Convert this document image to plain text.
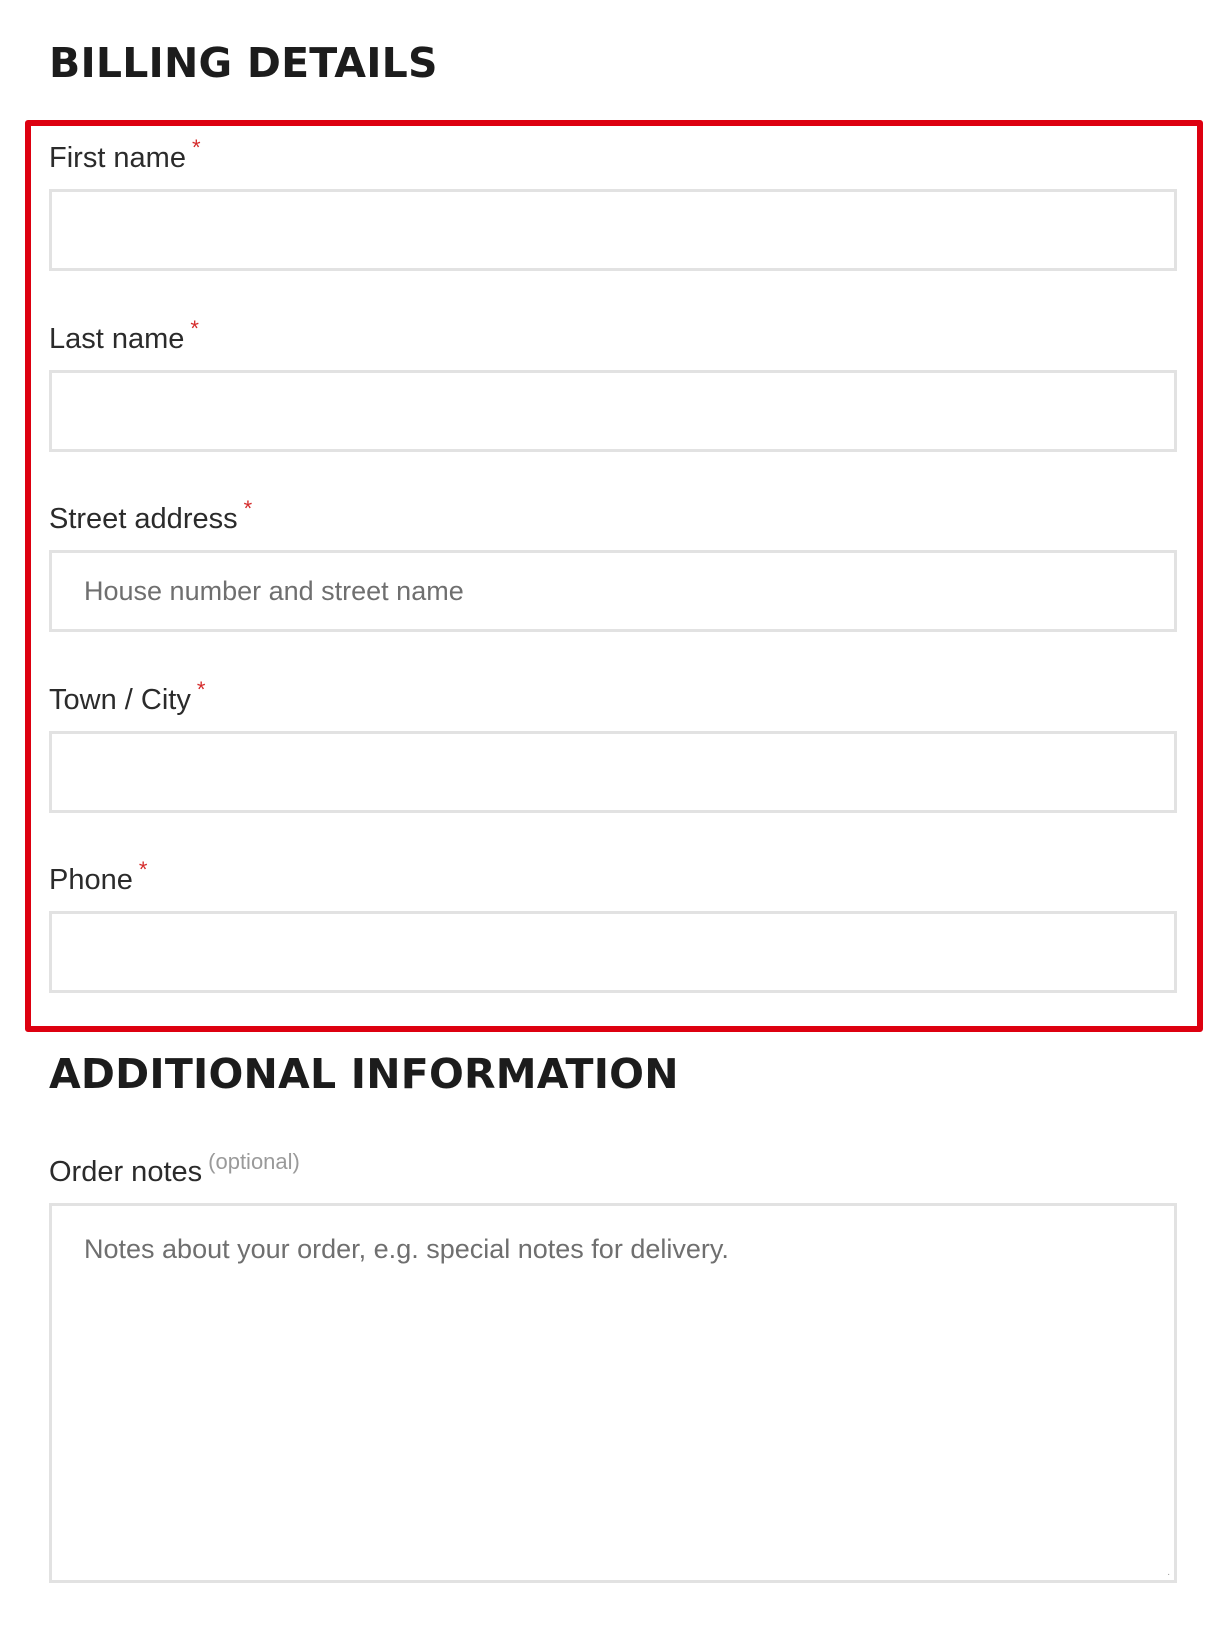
BILLING DETAILS
First name *
Last name *
Street address *
House number and street name
Town / City *
Phone *
ADDITIONAL INFORMATION
Order notes $^{(optional)}$
Notes about your order, e.g. special notes for delivery.
·
